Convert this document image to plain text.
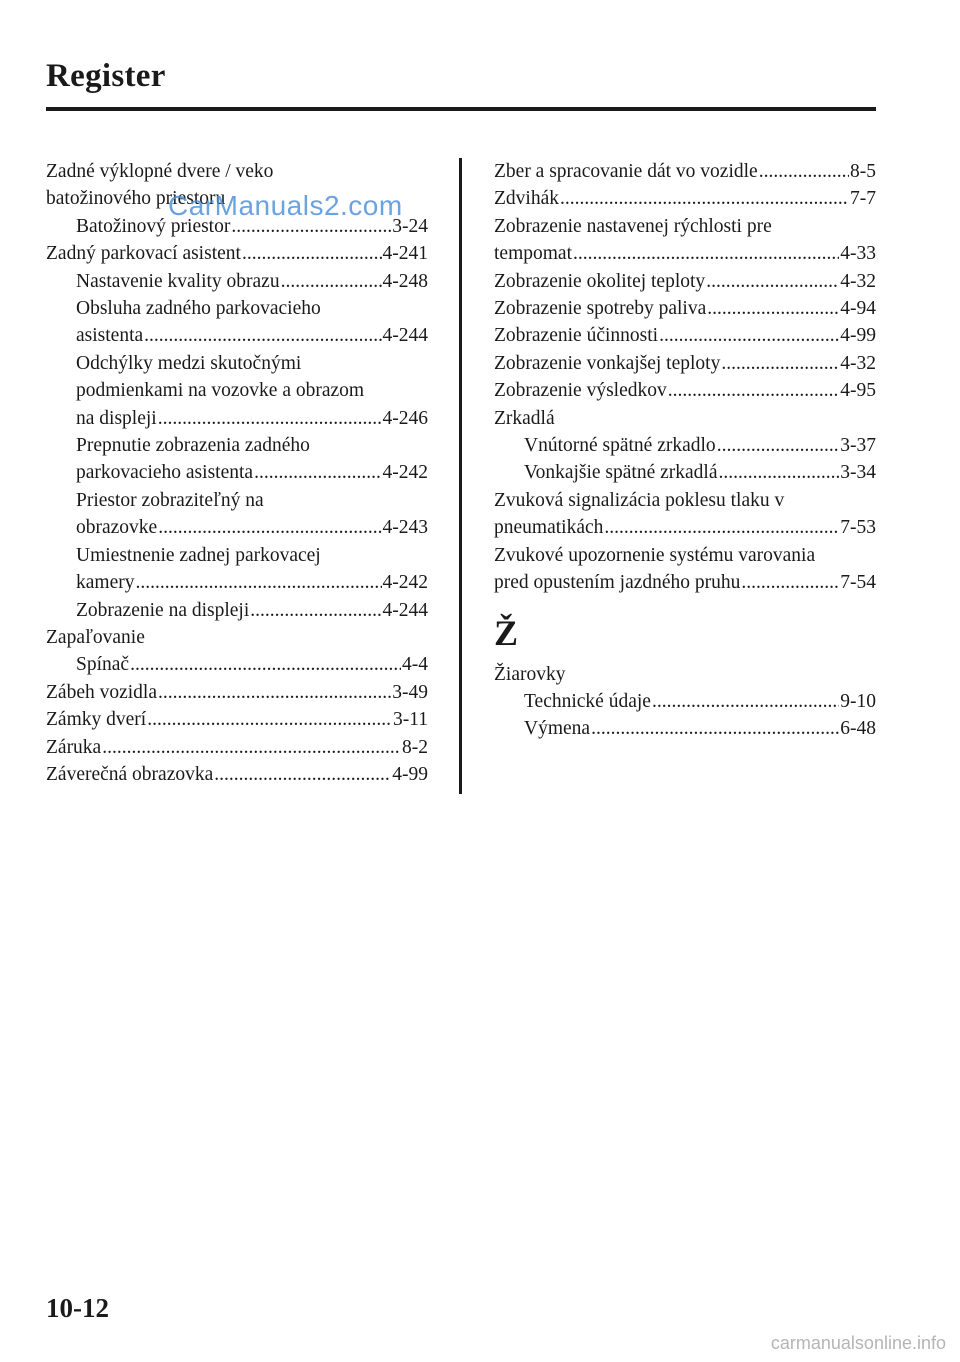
Register
Zadné výklopné dvere / veko
batožinového priestoru
Batožinový priestor .....	3-24
Zadný parkovací asistent .....	4-241
Nastavenie kvality obrazu .....	4-248
Obsluha zadného parkovacieho
asistenta .....	4-244
Odchýlky medzi skutočnými
podmienkami na vozovke a obrazom
na displeji .....	4-246
Prepnutie zobrazenia zadného
parkovacieho asistenta .....	4-242
Priestor zobraziteľný na
obrazovke .....	4-243
Umiestnenie zadnej parkovacej
kamery .....	4-242
Zobrazenie na displeji .....	4-244
Zapaľovanie
Spínač .....	4-4
Zábeh vozidla .....	3-49
Zámky dverí .....	3-11
Záruka .....	8-2
Záverečná obrazovka .....	4-99
Zber a spracovanie dát vo vozidle .....	8-5
Zdvihák .....	7-7
Zobrazenie nastavenej rýchlosti pre
tempomat .....	4-33
Zobrazenie okolitej teploty .....	4-32
Zobrazenie spotreby paliva .....	4-94
Zobrazenie účinnosti .....	4-99
Zobrazenie vonkajšej teploty .....	4-32
Zobrazenie výsledkov .....	4-95
Zrkadlá
Vnútorné spätné zrkadlo .....	3-37
Vonkajšie spätné zrkadlá .....	3-34
Zvuková signalizácia poklesu tlaku v
pneumatikách .....	7-53
Zvukové upozornenie systému varovania
pred opustením jazdného pruhu .....	7-54
Ž
Žiarovky
Technické údaje .....	9-10
Výmena .....	6-48
CarManuals2.com
10-12
carmanualsonline.info
